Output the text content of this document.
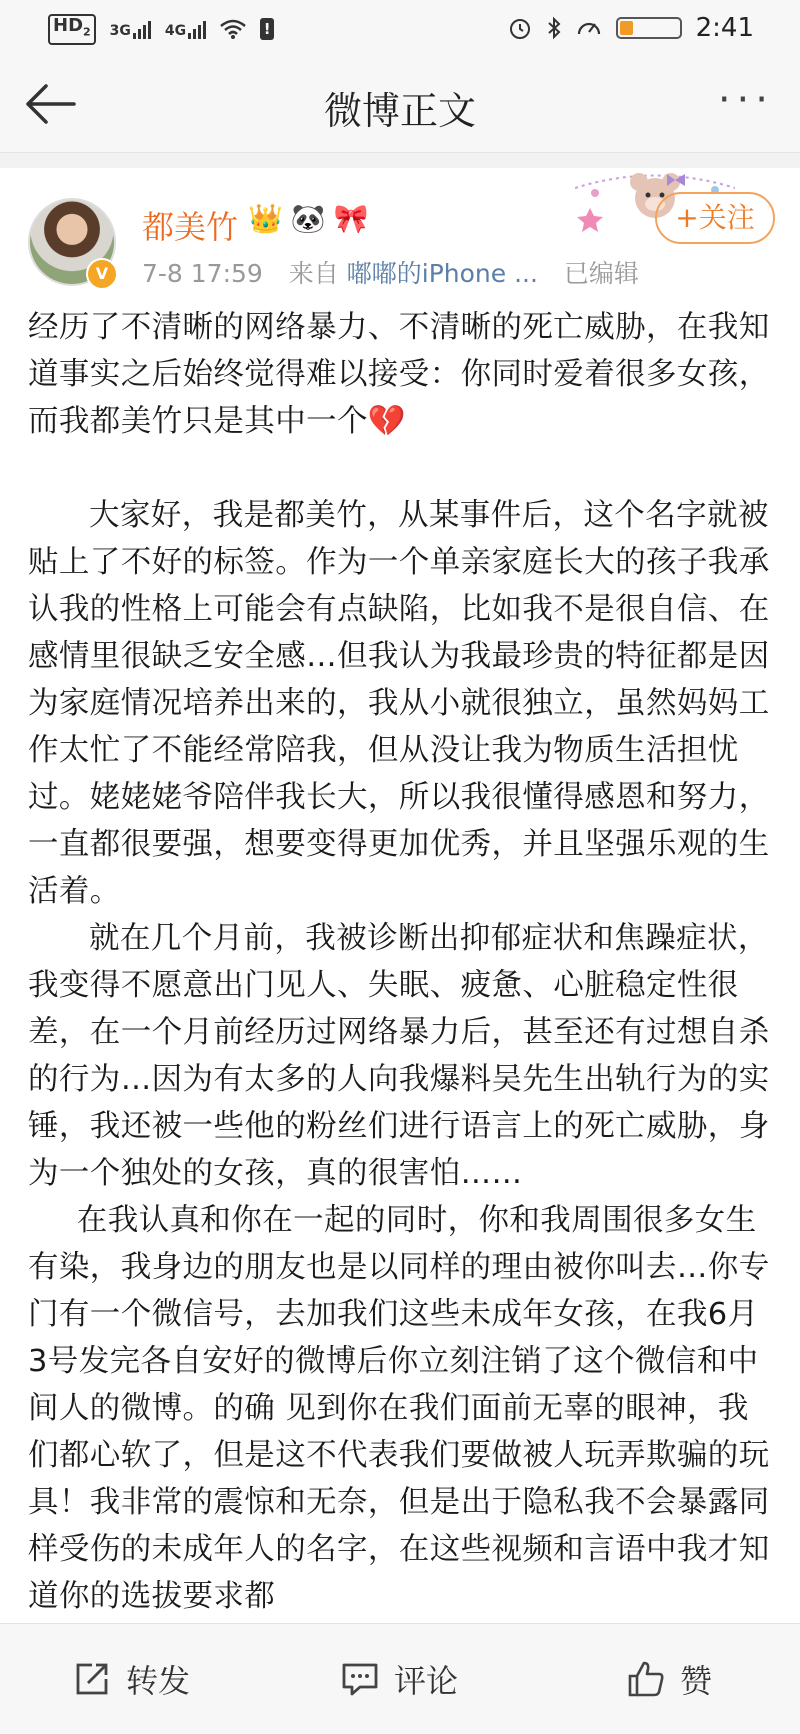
$HD_2$	3G 4G	!	2:41
微博正文	···
V
都美竹 👑 🐼 🎀
7-8 17:59 来自 嘟嘟的iPhone ... 已编辑
+关注

经历了不清晰的网络暴力、不清晰的死亡威胁，在我知道事实之后始终觉得难以接受：你同时爱着很多女孩，而我都美竹只是其中一个💔

大家好，我是都美竹，从某事件后，这个名字就被贴上了不好的标签。作为一个单亲家庭长大的孩子我承认我的性格上可能会有点缺陷，比如我不是很自信、在感情里很缺乏安全感…但我认为我最珍贵的特征都是因为家庭情况培养出来的，我从小就很独立，虽然妈妈工作太忙了不能经常陪我，但从没让我为物质生活担忧过。姥姥姥爷陪伴我长大，所以我很懂得感恩和努力，一直都很要强，想要变得更加优秀，并且坚强乐观的生活着。

就在几个月前，我被诊断出抑郁症状和焦躁症状，我变得不愿意出门见人、失眠、疲惫、心脏稳定性很差，在一个月前经历过网络暴力后，甚至还有过想自杀的行为…因为有太多的人向我爆料吴先生出轨行为的实锤，我还被一些他的粉丝们进行语言上的死亡威胁，身为一个独处的女孩，真的很害怕……

在我认真和你在一起的同时，你和我周围很多女生有染，我身边的朋友也是以同样的理由被你叫去…你专门有一个微信号，去加我们这些未成年女孩，在我6月3号发完各自安好的微博后你立刻注销了这个微信和中间人的微博。的确 见到你在我们面前无辜的眼神，我们都心软了，但是这不代表我们要做被人玩弄欺骗的玩具！我非常的震惊和无奈，但是出于隐私我不会暴露同样受伤的未成年人的名字，在这些视频和言语中我才知道你的选拔要求都

转发	评论	赞
